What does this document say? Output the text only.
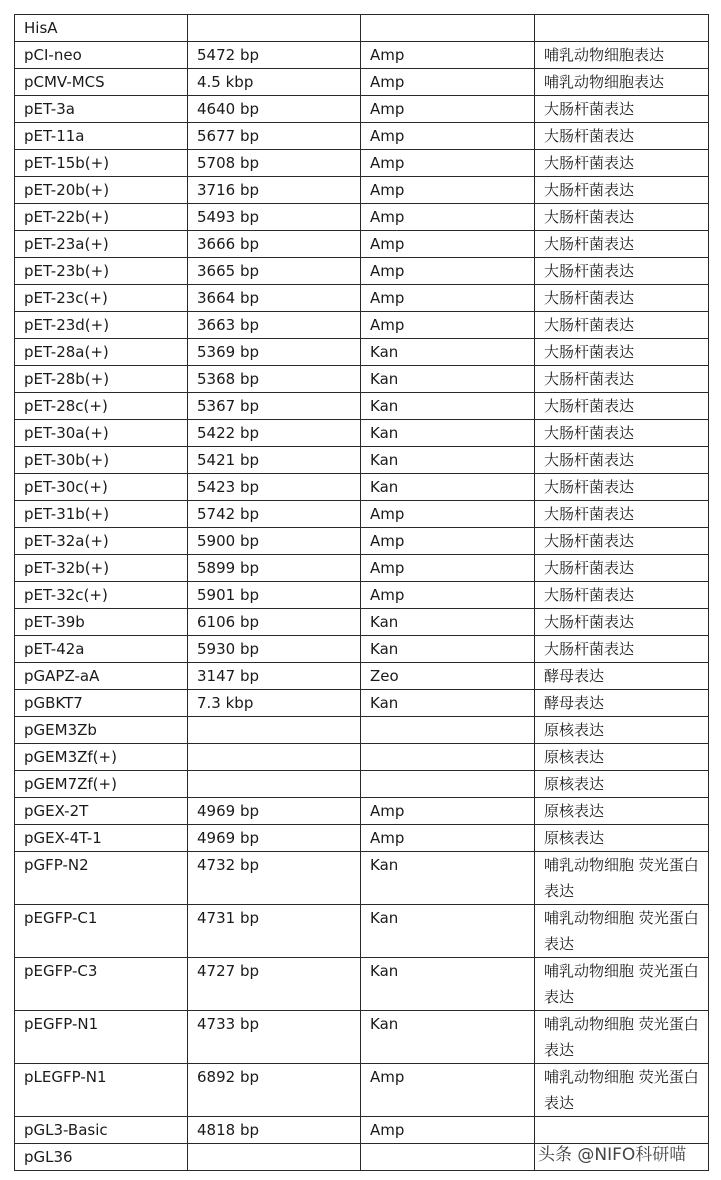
HisA			
pCI-neo	5472 bp	Amp	哺乳动物细胞表达
pCMV-MCS	4.5 kbp	Amp	哺乳动物细胞表达
pET-3a	4640 bp	Amp	大肠杆菌表达
pET-11a	5677 bp	Amp	大肠杆菌表达
pET-15b(+)	5708 bp	Amp	大肠杆菌表达
pET-20b(+)	3716 bp	Amp	大肠杆菌表达
pET-22b(+)	5493 bp	Amp	大肠杆菌表达
pET-23a(+)	3666 bp	Amp	大肠杆菌表达
pET-23b(+)	3665 bp	Amp	大肠杆菌表达
pET-23c(+)	3664 bp	Amp	大肠杆菌表达
pET-23d(+)	3663 bp	Amp	大肠杆菌表达
pET-28a(+)	5369 bp	Kan	大肠杆菌表达
pET-28b(+)	5368 bp	Kan	大肠杆菌表达
pET-28c(+)	5367 bp	Kan	大肠杆菌表达
pET-30a(+)	5422 bp	Kan	大肠杆菌表达
pET-30b(+)	5421 bp	Kan	大肠杆菌表达
pET-30c(+)	5423 bp	Kan	大肠杆菌表达
pET-31b(+)	5742 bp	Amp	大肠杆菌表达
pET-32a(+)	5900 bp	Amp	大肠杆菌表达
pET-32b(+)	5899 bp	Amp	大肠杆菌表达
pET-32c(+)	5901 bp	Amp	大肠杆菌表达
pET-39b	6106 bp	Kan	大肠杆菌表达
pET-42a	5930 bp	Kan	大肠杆菌表达
pGAPZ-aA	3147 bp	Zeo	酵母表达
pGBKT7	7.3 kbp	Kan	酵母表达
pGEM3Zb			原核表达
pGEM3Zf(+)			原核表达
pGEM7Zf(+)			原核表达
pGEX-2T	4969 bp	Amp	原核表达
pGEX-4T-1	4969 bp	Amp	原核表达
pGFP-N2	4732 bp	Kan	哺乳动物细胞 荧光蛋白表达
pEGFP-C1	4731 bp	Kan	哺乳动物细胞 荧光蛋白表达
pEGFP-C3	4727 bp	Kan	哺乳动物细胞 荧光蛋白表达
pEGFP-N1	4733 bp	Kan	哺乳动物细胞 荧光蛋白表达
pLEGFP-N1	6892 bp	Amp	哺乳动物细胞 荧光蛋白表达
pGL3-Basic	4818 bp	Amp	
pGL36				头条 @NIFO科研喵
